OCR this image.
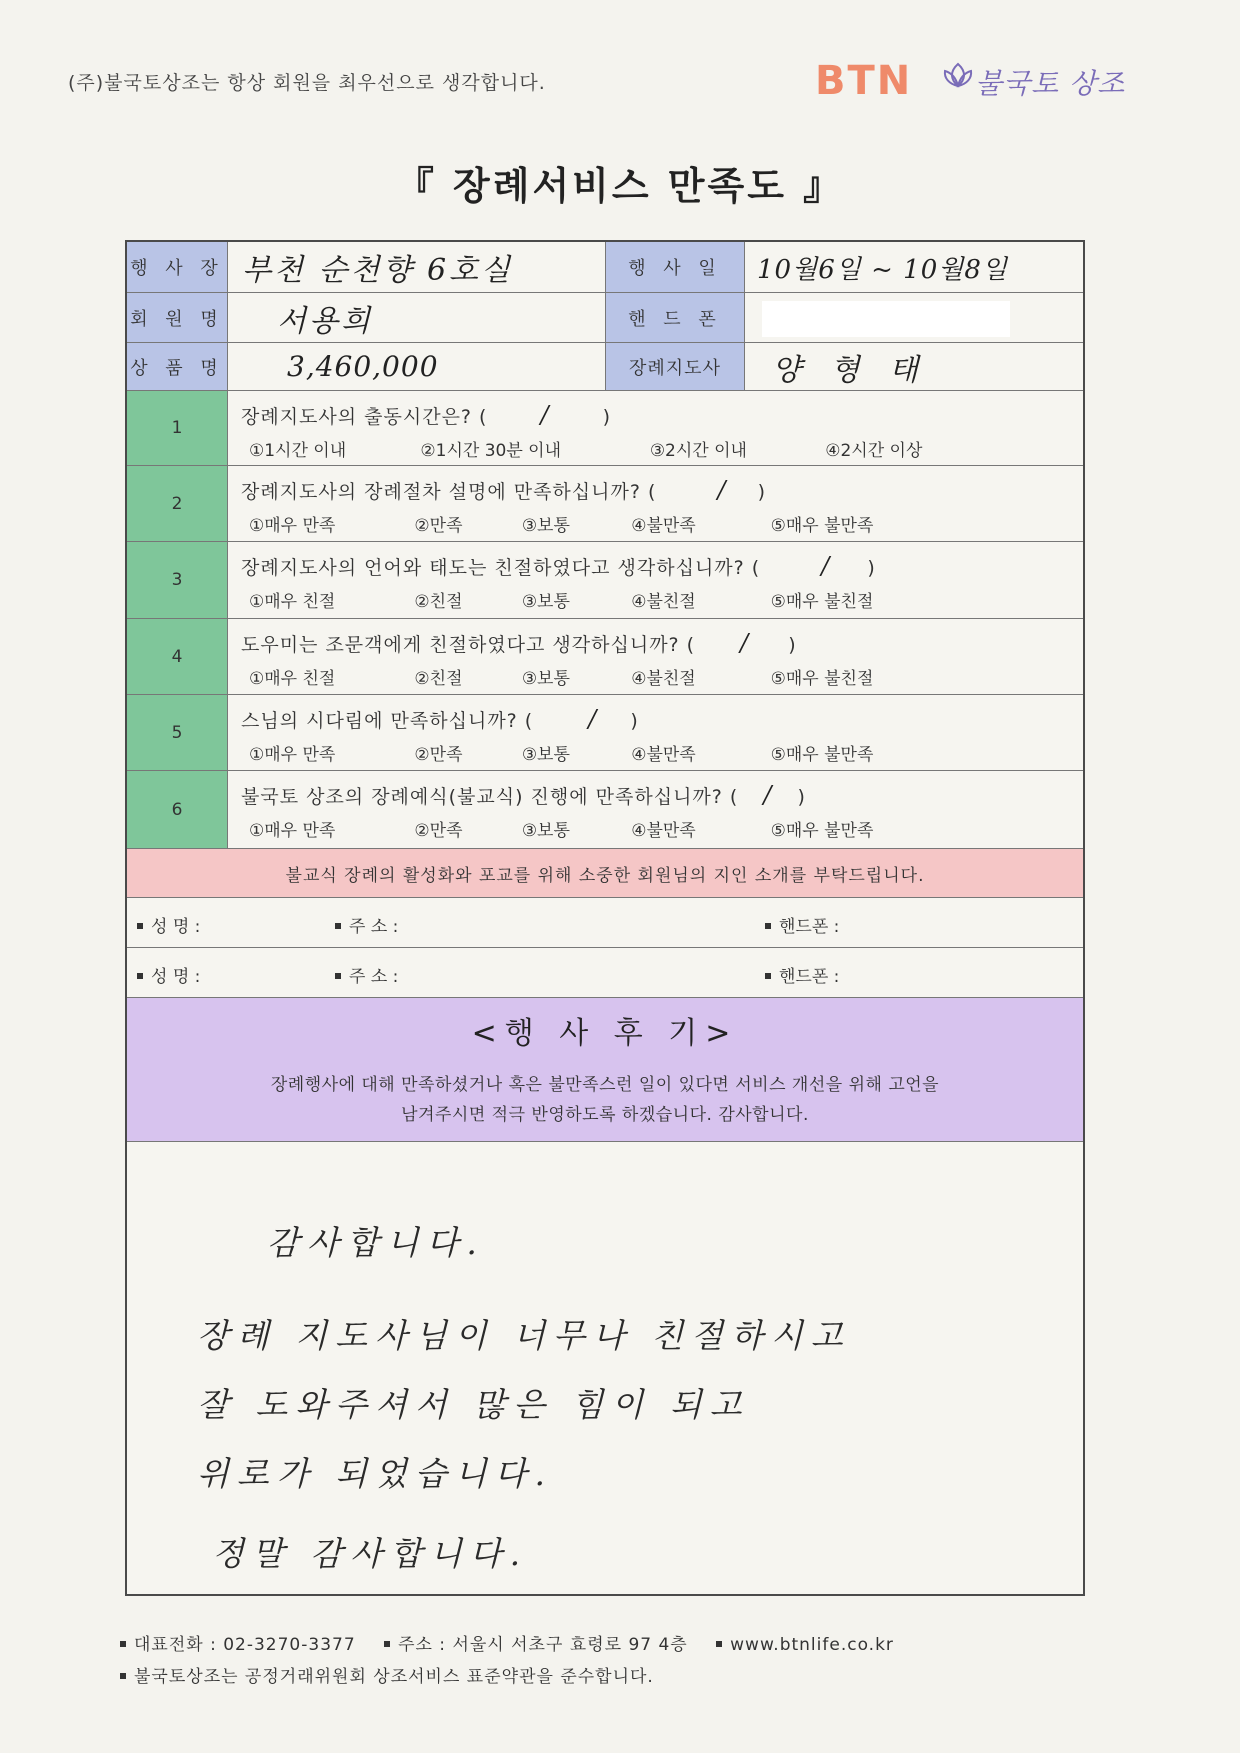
(주)불국토상조는 항상 회원을 최우선으로 생각합니다.	BTN 불국토 상조
『 장례서비스 만족도 』
행 사 장 부천 순천향 6호실	행 사 일	10월6일 ~ 10월8일
회 원 명 서용희	핸 드 폰
상 품 명 3,460,000	장례지도사	양 형 태
1	장례지도사의 출동시간은? ( /	)
①1시간 이내	②1시간 30분 이내	③2시간 이내	④2시간 이상
2
장례지도사의 장례절차 설명에 만족하십니까? (	/ )
①매우 만족	②만족	③보통	④불만족	⑤매우 불만족
3
장례지도사의 언어와 태도는 친절하였다고 생각하십니까? (	/ )
①매우 친절	②친절	③보통	④불친절	⑤매우 불친절
4
도우미는 조문객에게 친절하였다고 생각하십니까? ( / )
①매우 친절	②친절	③보통	④불친절	⑤매우 불친절
5
스님의 시다림에 만족하십니까? ( / )
①매우 만족	②만족	③보통	④불만족	⑤매우 불만족
6
불국토 상조의 장례예식(불교식) 진행에 만족하십니까? ( / )
①매우 만족	②만족	③보통	④불만족	⑤매우 불만족
불교식 장례의 활성화와 포교를 위해 소중한 회원님의 지인 소개를 부탁드립니다.
성 명 :	주 소 :	핸드폰 :
성 명 :	주 소 :	핸드폰 :
<행 사 후 기>
장례행사에 대해 만족하셨거나 혹은 불만족스런 일이 있다면 서비스 개선을 위해 고언을
남겨주시면 적극 반영하도록 하겠습니다. 감사합니다.
감사합니다.
장례 지도사님이 너무나 친절하시고
잘 도와주셔서 많은 힘이 되고
위로가 되었습니다.
정말 감사합니다.
대표전화 : 02-3270-3377 주소 : 서울시 서초구 효령로 97 4층 www.btnlife.co.kr
불국토상조는 공정거래위원회 상조서비스 표준약관을 준수합니다.
